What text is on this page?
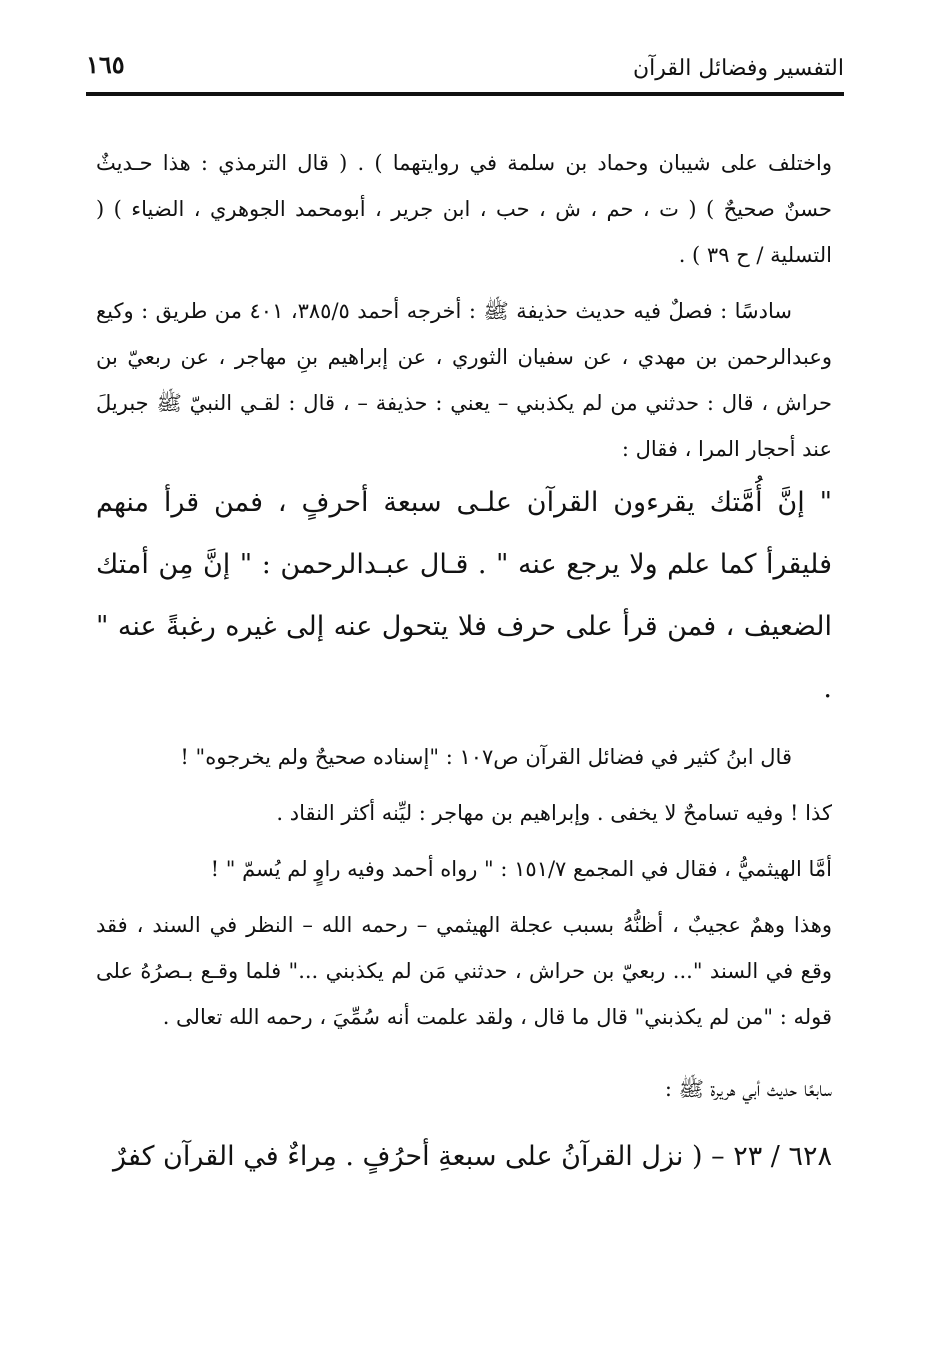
التفسير وفضائل القرآن
١٦٥

واختلف على شيبان وحماد بن سلمة في روايتهما ) . ( قال الترمذي : هذا حـديثٌ حسنٌ صحيحٌ ) ( ت ، حم ، ش ، حب ، ابن جرير ، أبومحمد الجوهري ، الضياء ) ( التسلية / ح ٣٩ ) .

سادسًا : فصلٌ فيه حديث حذيفة ﷺ : أخرجه أحمد ٣٨٥/٥، ٤٠١ من طريق : وكيع وعبدالرحمن بن مهدي ، عن سفيان الثوري ، عن إبراهيم بنِ مهاجر ، عن ربعيّ بن حراش ، قال : حدثني من لم يكذبني – يعني : حذيفة – ، قال : لقـي النبيّ ﷺ جبريلَ عند أحجار المرا ، فقال :

" إنَّ أُمَّتك يقرءون القرآن علـى سبعة أحرفٍ ، فمن قرأ منهم فليقرأ كما علم ولا يرجع عنه " . قـال عبـدالرحمن : " إنَّ مِن أمتك الضعيف ، فمن قرأ على حرف فلا يتحول عنه إلى غيره رغبةً عنه " .

قال ابنُ كثير في فضائل القرآن ص١٠٧ : "إسناده صحيحٌ ولم يخرجوه" !

كذا ! وفيه تسامحٌ لا يخفى . وإبراهيم بن مهاجر : ليِّنه أكثر النقاد .

أمَّا الهيثميُّ ، فقال في المجمع ١٥١/٧ : " رواه أحمد وفيه راوٍ لم يُسمّ " !

وهذا وهمٌ عجيبٌ ، أظنُّهُ بسبب عجلة الهيثمي – رحمه الله – النظر في السند ، فقد وقع في السند "... ربعيّ بن حراش ، حدثني مَن لم يكذبني ..." فلما وقـع بـصرُهُ على قوله : "من لم يكذبني" قال ما قال ، ولقد علمت أنه سُمِّيَ ، رحمه الله تعالى .

سابعًا حديث أبي هريرة ﷺ :

٦٢٨ / ٢٣ – ( نزل القرآنُ على سبعةِ أحرُفٍ . مِراءٌ في القرآن كفرٌ
